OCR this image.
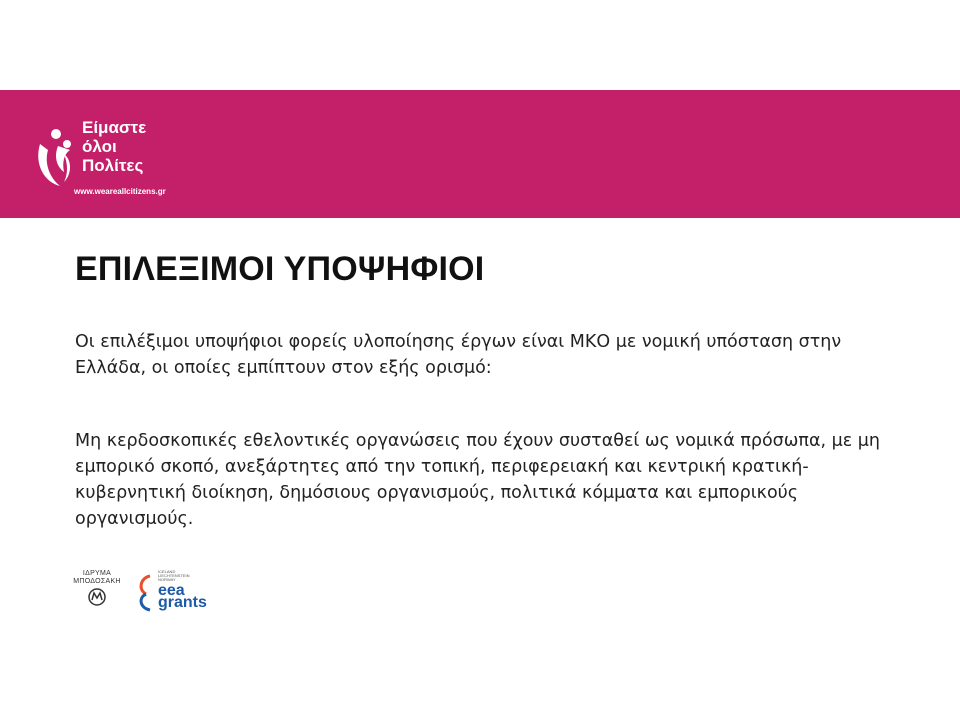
Είμαστε
όλοι
Πολίτες
www.weareallcitizens.gr
ΕΠΙΛΕΞΙΜΟΙ ΥΠΟΨΗΦΙΟΙ

Οι επιλέξιμοι υποψήφιοι φορείς υλοποίησης έργων είναι ΜΚΟ με νομική υπόσταση στην Ελλάδα, οι οποίες εμπίπτουν στον εξής ορισμό:

Μη κερδοσκοπικές εθελοντικές οργανώσεις που έχουν συσταθεί ως νομικά πρόσωπα, με μη εμπορικό σκοπό, ανεξάρτητες από την τοπική, περιφερειακή και κεντρική κρατική-κυβερνητική διοίκηση, δημόσιους οργανισμούς, πολιτικά κόμματα και εμπορικούς οργανισμούς.

ΙΔΡΥΜΑ
ΜΠΟΔΟΣΑΚΗ
ICELAND
LIECHTENSTEIN
NORWAY
eea
grants
